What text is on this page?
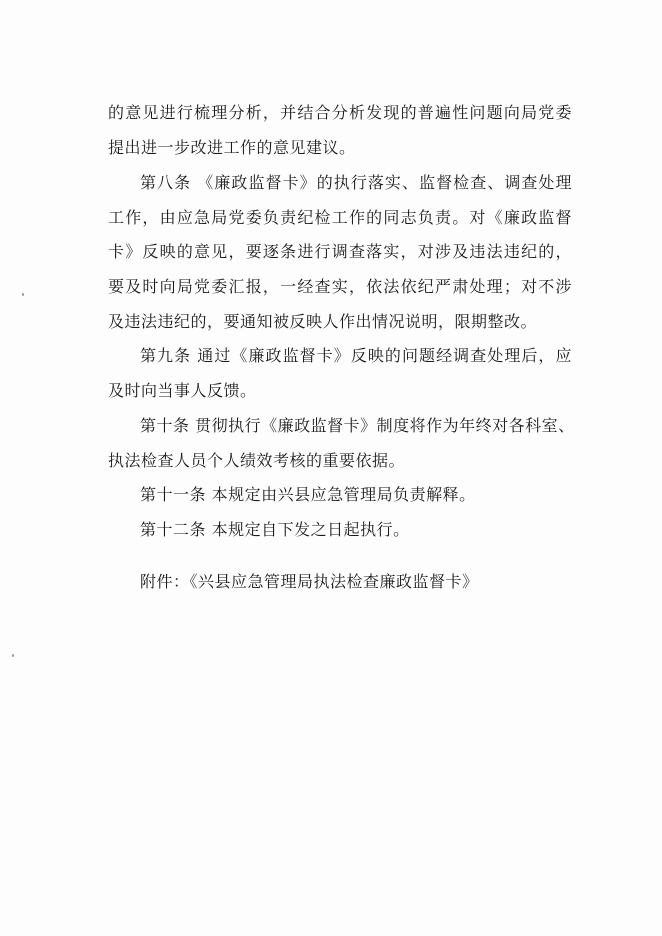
的意见进行梳理分析，并结合分析发现的普遍性问题向局党委
提出进一步改进工作的意见建议。
第八条 《廉政监督卡》的执行落实、监督检查、调查处理
工作，由应急局党委负责纪检工作的同志负责。对《廉政监督
卡》反映的意见，要逐条进行调查落实，对涉及违法违纪的，
要及时向局党委汇报，一经查实，依法依纪严肃处理；对不涉
及违法违纪的，要通知被反映人作出情况说明，限期整改。
第九条 通过《廉政监督卡》反映的问题经调查处理后，应
及时向当事人反馈。
第十条 贯彻执行《廉政监督卡》制度将作为年终对各科室、
执法检查人员个人绩效考核的重要依据。
第十一条 本规定由兴县应急管理局负责解释。
第十二条 本规定自下发之日起执行。
附件：《兴县应急管理局执法检查廉政监督卡》
